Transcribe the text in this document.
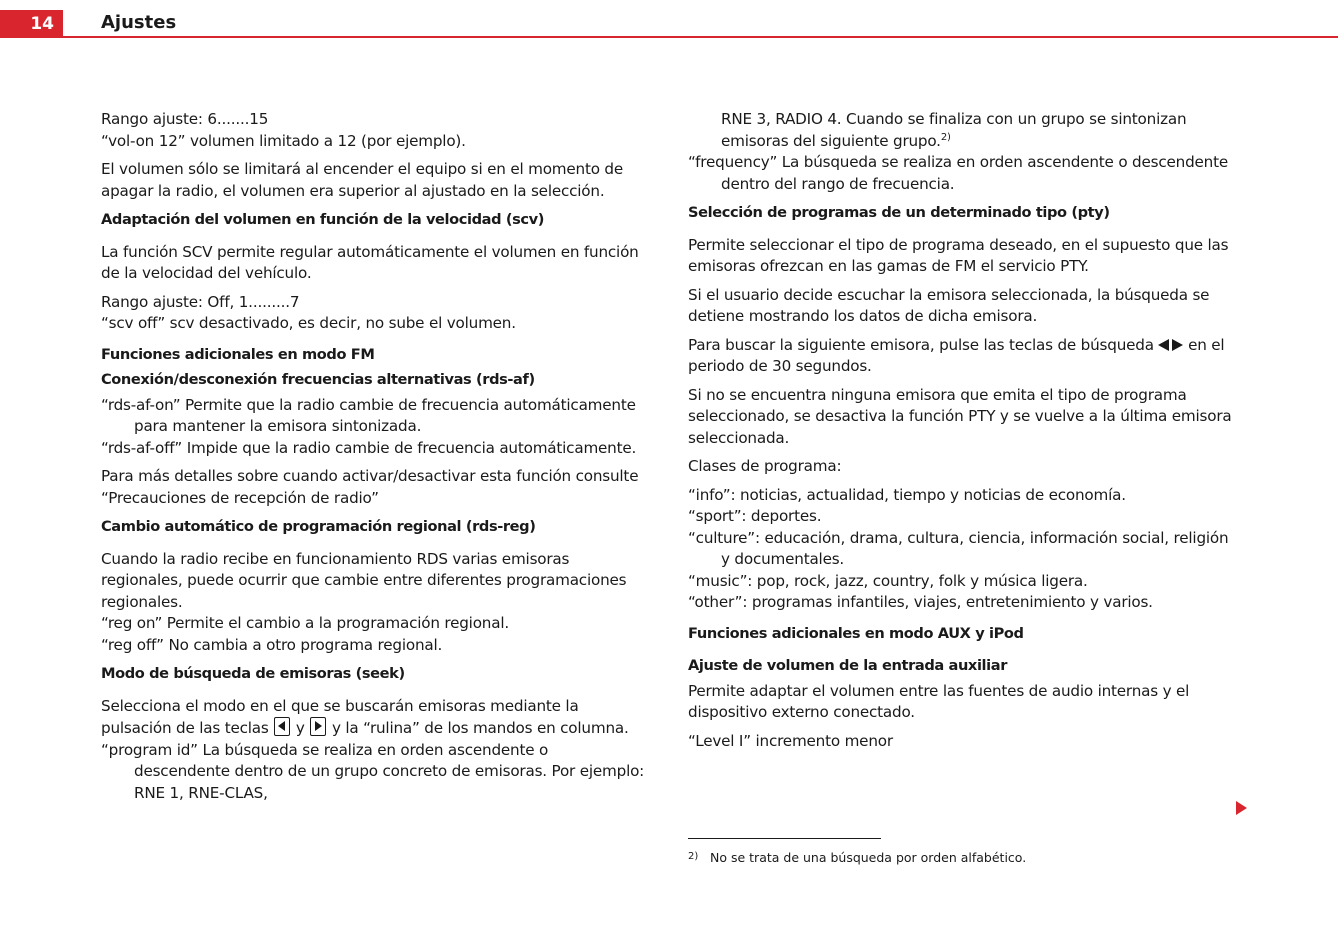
14	Ajustes

Rango ajuste: 6.......15

“vol-on 12” volumen limitado a 12 (por ejemplo).

El volumen sólo se limitará al encender el equipo si en el momento de apagar la radio, el volumen era superior al ajustado en la selección.

Adaptación del volumen en función de la velocidad (scv)

La función SCV permite regular automáticamente el volumen en función de la velocidad del vehículo.

Rango ajuste: Off, 1.........7

“scv off” scv desactivado, es decir, no sube el volumen.

Funciones adicionales en modo FM

Conexión/desconexión frecuencias alternativas (rds-af)

“rds-af-on” Permite que la radio cambie de frecuencia automáticamente para mantener la emisora sintonizada.

“rds-af-off” Impide que la radio cambie de frecuencia automáticamente.

Para más detalles sobre cuando activar/desactivar esta función consulte “Precauciones de recepción de radio”

Cambio automático de programación regional (rds-reg)

Cuando la radio recibe en funcionamiento RDS varias emisoras regionales, puede ocurrir que cambie entre diferentes programaciones regionales.

“reg on” Permite el cambio a la programación regional.

“reg off” No cambia a otro programa regional.

Modo de búsqueda de emisoras (seek)

Selecciona el modo en el que se buscarán emisoras mediante la pulsación de las teclas y y la “rulina” de los mandos en columna.

“program id” La búsqueda se realiza en orden ascendente o descendente dentro de un grupo concreto de emisoras. Por ejemplo: RNE 1, RNE-CLAS,

RNE 3, RADIO 4. Cuando se finaliza con un grupo se sintonizan emisoras del siguiente grupo.$^{2)}$

“frequency” La búsqueda se realiza en orden ascendente o descendente dentro del rango de frecuencia.

Selección de programas de un determinado tipo (pty)

Permite seleccionar el tipo de programa deseado, en el supuesto que las emisoras ofrezcan en las gamas de FM el servicio PTY.

Si el usuario decide escuchar la emisora seleccionada, la búsqueda se detiene mostrando los datos de dicha emisora.

Para buscar la siguiente emisora, pulse las teclas de búsqueda en el periodo de 30 segundos.

Si no se encuentra ninguna emisora que emita el tipo de programa seleccionado, se desactiva la función PTY y se vuelve a la última emisora seleccionada.

Clases de programa:

“info”: noticias, actualidad, tiempo y noticias de economía.

“sport”: deportes.

“culture”: educación, drama, cultura, ciencia, información social, religión y documentales.

“music”: pop, rock, jazz, country, folk y música ligera.

“other”: programas infantiles, viajes, entretenimiento y varios.

Funciones adicionales en modo AUX y iPod

Ajuste de volumen de la entrada auxiliar

Permite adaptar el volumen entre las fuentes de audio internas y el dispositivo externo conectado.

“Level I” incremento menor

2) No se trata de una búsqueda por orden alfabético.
